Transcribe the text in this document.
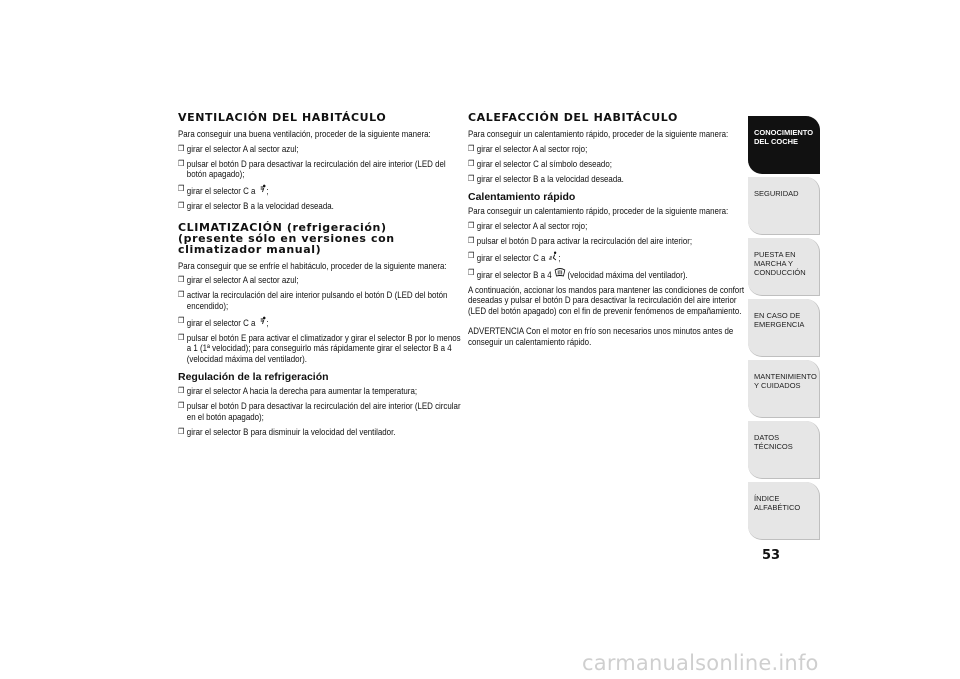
VENTILACIÓN DEL HABITÁCULO

Para conseguir una buena ventilación, proceder de la siguiente manera:

❒ girar el selector A al sector azul;
❒ pulsar el botón D para desactivar la recirculación del aire interior (LED del botón apagado);
❒ girar el selector C a ;
❒ girar el selector B a la velocidad deseada.
CLIMATIZACIÓN (refrigeración) (presente sólo en versiones con climatizador manual)

Para conseguir que se enfríe el habitáculo, proceder de la siguiente manera:

❒ girar el selector A al sector azul;
❒ activar la recirculación del aire interior pulsando el botón D (LED del botón encendido);
❒ girar el selector C a ;
❒ pulsar el botón E para activar el climatizador y girar el selector B por lo menos a 1 (1ª velocidad); para conseguirlo más rápidamente girar el selector B a 4 (velocidad máxima del ventilador).
Regulación de la refrigeración
❒ girar el selector A hacia la derecha para aumentar la temperatura;
❒ pulsar el botón D para desactivar la recirculación del aire interior (LED circular en el botón apagado);
❒ girar el selector B para disminuir la velocidad del ventilador.
CALEFACCIÓN DEL HABITÁCULO

Para conseguir un calentamiento rápido, proceder de la siguiente manera:

❒ girar el selector A al sector rojo;
❒ girar el selector C al símbolo deseado;
❒ girar el selector B a la velocidad deseada.
Calentamiento rápido

Para conseguir un calentamiento rápido, proceder de la siguiente manera:

❒ girar el selector A al sector rojo;
❒ pulsar el botón D para activar la recirculación del aire interior;
❒ girar el selector C a ;
❒ girar el selector B a 4 (velocidad máxima del ventilador).

A continuación, accionar los mandos para mantener las condiciones de confort deseadas y pulsar el botón D para desactivar la recirculación del aire interior (LED del botón apagado) con el fin de prevenir fenómenos de empañamiento.

ADVERTENCIA Con el motor en frío son necesarios unos minutos antes de conseguir un calentamiento rápido.

CONOCIMIENTO DEL COCHE
SEGURIDAD
PUESTA EN MARCHA Y CONDUCCIÓN
EN CASO DE EMERGENCIA
MANTENIMIENTO Y CUIDADOS
DATOS TÉCNICOS
ÍNDICE ALFABÉTICO
53
carmanualsonline.info
